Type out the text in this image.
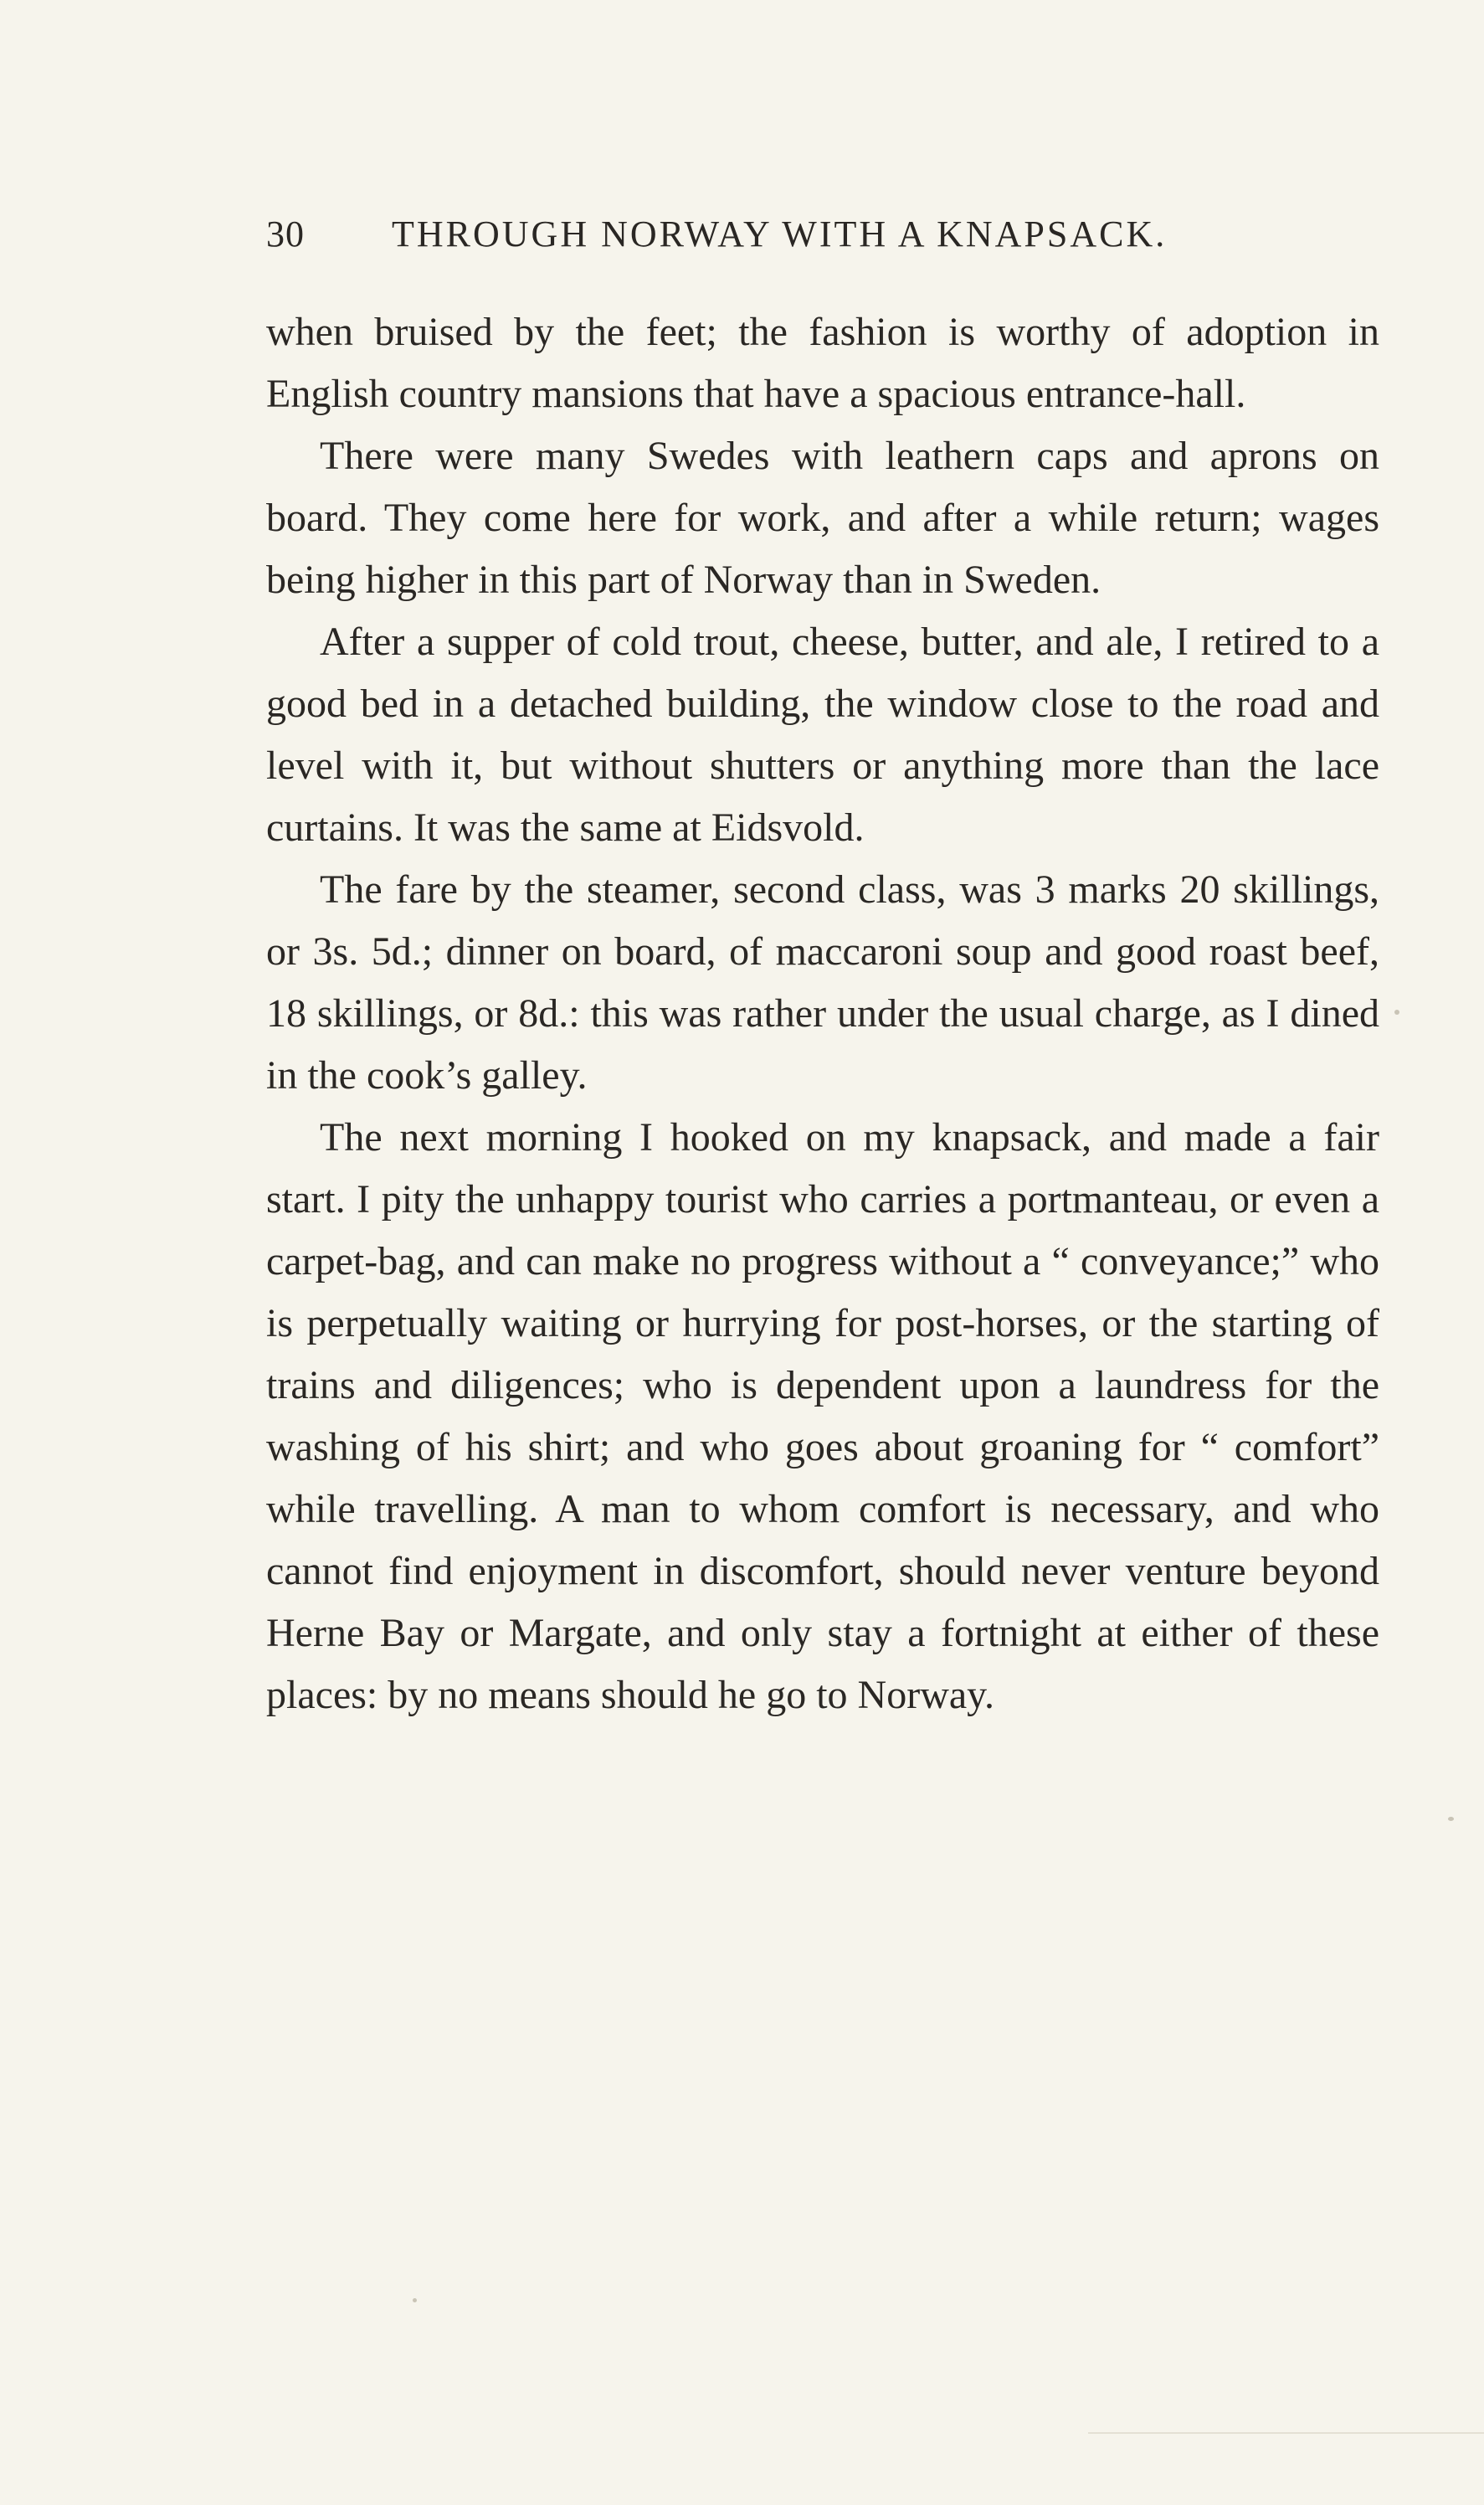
30 THROUGH NORWAY WITH A KNAPSACK.

when bruised by the feet; the fashion is worthy of adoption in English country mansions that have a spacious entrance-hall.

There were many Swedes with leathern caps and aprons on board. They come here for work, and after a while return; wages being higher in this part of Norway than in Sweden.

After a supper of cold trout, cheese, butter, and ale, I retired to a good bed in a detached building, the window close to the road and level with it, but without shutters or anything more than the lace curtains. It was the same at Eidsvold.

The fare by the steamer, second class, was 3 marks 20 skillings, or 3s. 5d.; dinner on board, of maccaroni soup and good roast beef, 18 skillings, or 8d.: this was rather under the usual charge, as I dined in the cook’s galley.

The next morning I hooked on my knapsack, and made a fair start. I pity the unhappy tourist who carries a portmanteau, or even a carpet-bag, and can make no progress without a “ conveyance;” who is perpetually waiting or hurrying for post-horses, or the starting of trains and diligences; who is dependent upon a laundress for the washing of his shirt; and who goes about groaning for “ comfort” while travelling. A man to whom comfort is necessary, and who cannot find enjoyment in discomfort, should never venture beyond Herne Bay or Margate, and only stay a fortnight at either of these places: by no means should he go to Norway.
